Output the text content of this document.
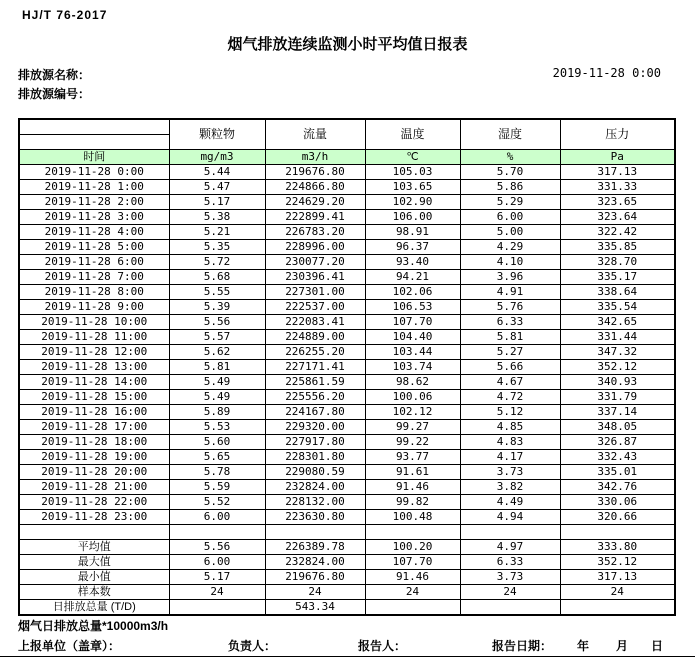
HJ/T 76-2017
烟气排放连续监测小时平均值日报表
排放源名称：
排放源编号：
2019-11-28 0:00
	颗粒物	流量	温度	湿度	压力
时间	mg/m3	m3/h	℃	%	Pa
2019-11-28 0:00	5.44	219676.80	105.03	5.70	317.13
2019-11-28 1:00	5.47	224866.80	103.65	5.86	331.33
2019-11-28 2:00	5.17	224629.20	102.90	5.29	323.65
2019-11-28 3:00	5.38	222899.41	106.00	6.00	323.64
2019-11-28 4:00	5.21	226783.20	98.91	5.00	322.42
2019-11-28 5:00	5.35	228996.00	96.37	4.29	335.85
2019-11-28 6:00	5.72	230077.20	93.40	4.10	328.70
2019-11-28 7:00	5.68	230396.41	94.21	3.96	335.17
2019-11-28 8:00	5.55	227301.00	102.06	4.91	338.64
2019-11-28 9:00	5.39	222537.00	106.53	5.76	335.54
2019-11-28 10:00	5.56	222083.41	107.70	6.33	342.65
2019-11-28 11:00	5.57	224889.00	104.40	5.81	331.44
2019-11-28 12:00	5.62	226255.20	103.44	5.27	347.32
2019-11-28 13:00	5.81	227171.41	103.74	5.66	352.12
2019-11-28 14:00	5.49	225861.59	98.62	4.67	340.93
2019-11-28 15:00	5.49	225556.20	100.06	4.72	331.79
2019-11-28 16:00	5.89	224167.80	102.12	5.12	337.14
2019-11-28 17:00	5.53	229320.00	99.27	4.85	348.05
2019-11-28 18:00	5.60	227917.80	99.22	4.83	326.87
2019-11-28 19:00	5.65	228301.80	93.77	4.17	332.43
2019-11-28 20:00	5.78	229080.59	91.61	3.73	335.01
2019-11-28 21:00	5.59	232824.00	91.46	3.82	342.76
2019-11-28 22:00	5.52	228132.00	99.82	4.49	330.06
2019-11-28 23:00	6.00	223630.80	100.48	4.94	320.66

平均值	5.56	226389.78	100.20	4.97	333.80
最大值	6.00	232824.00	107.70	6.33	352.12
最小值	5.17	219676.80	91.46	3.73	317.13
样本数	24	24	24	24	24
日排放总量 (T/D)		543.34			
烟气日排放总量*10000m3/h
上报单位（盖章）：	负责人：	报告人：	报告日期： 年 月 日
